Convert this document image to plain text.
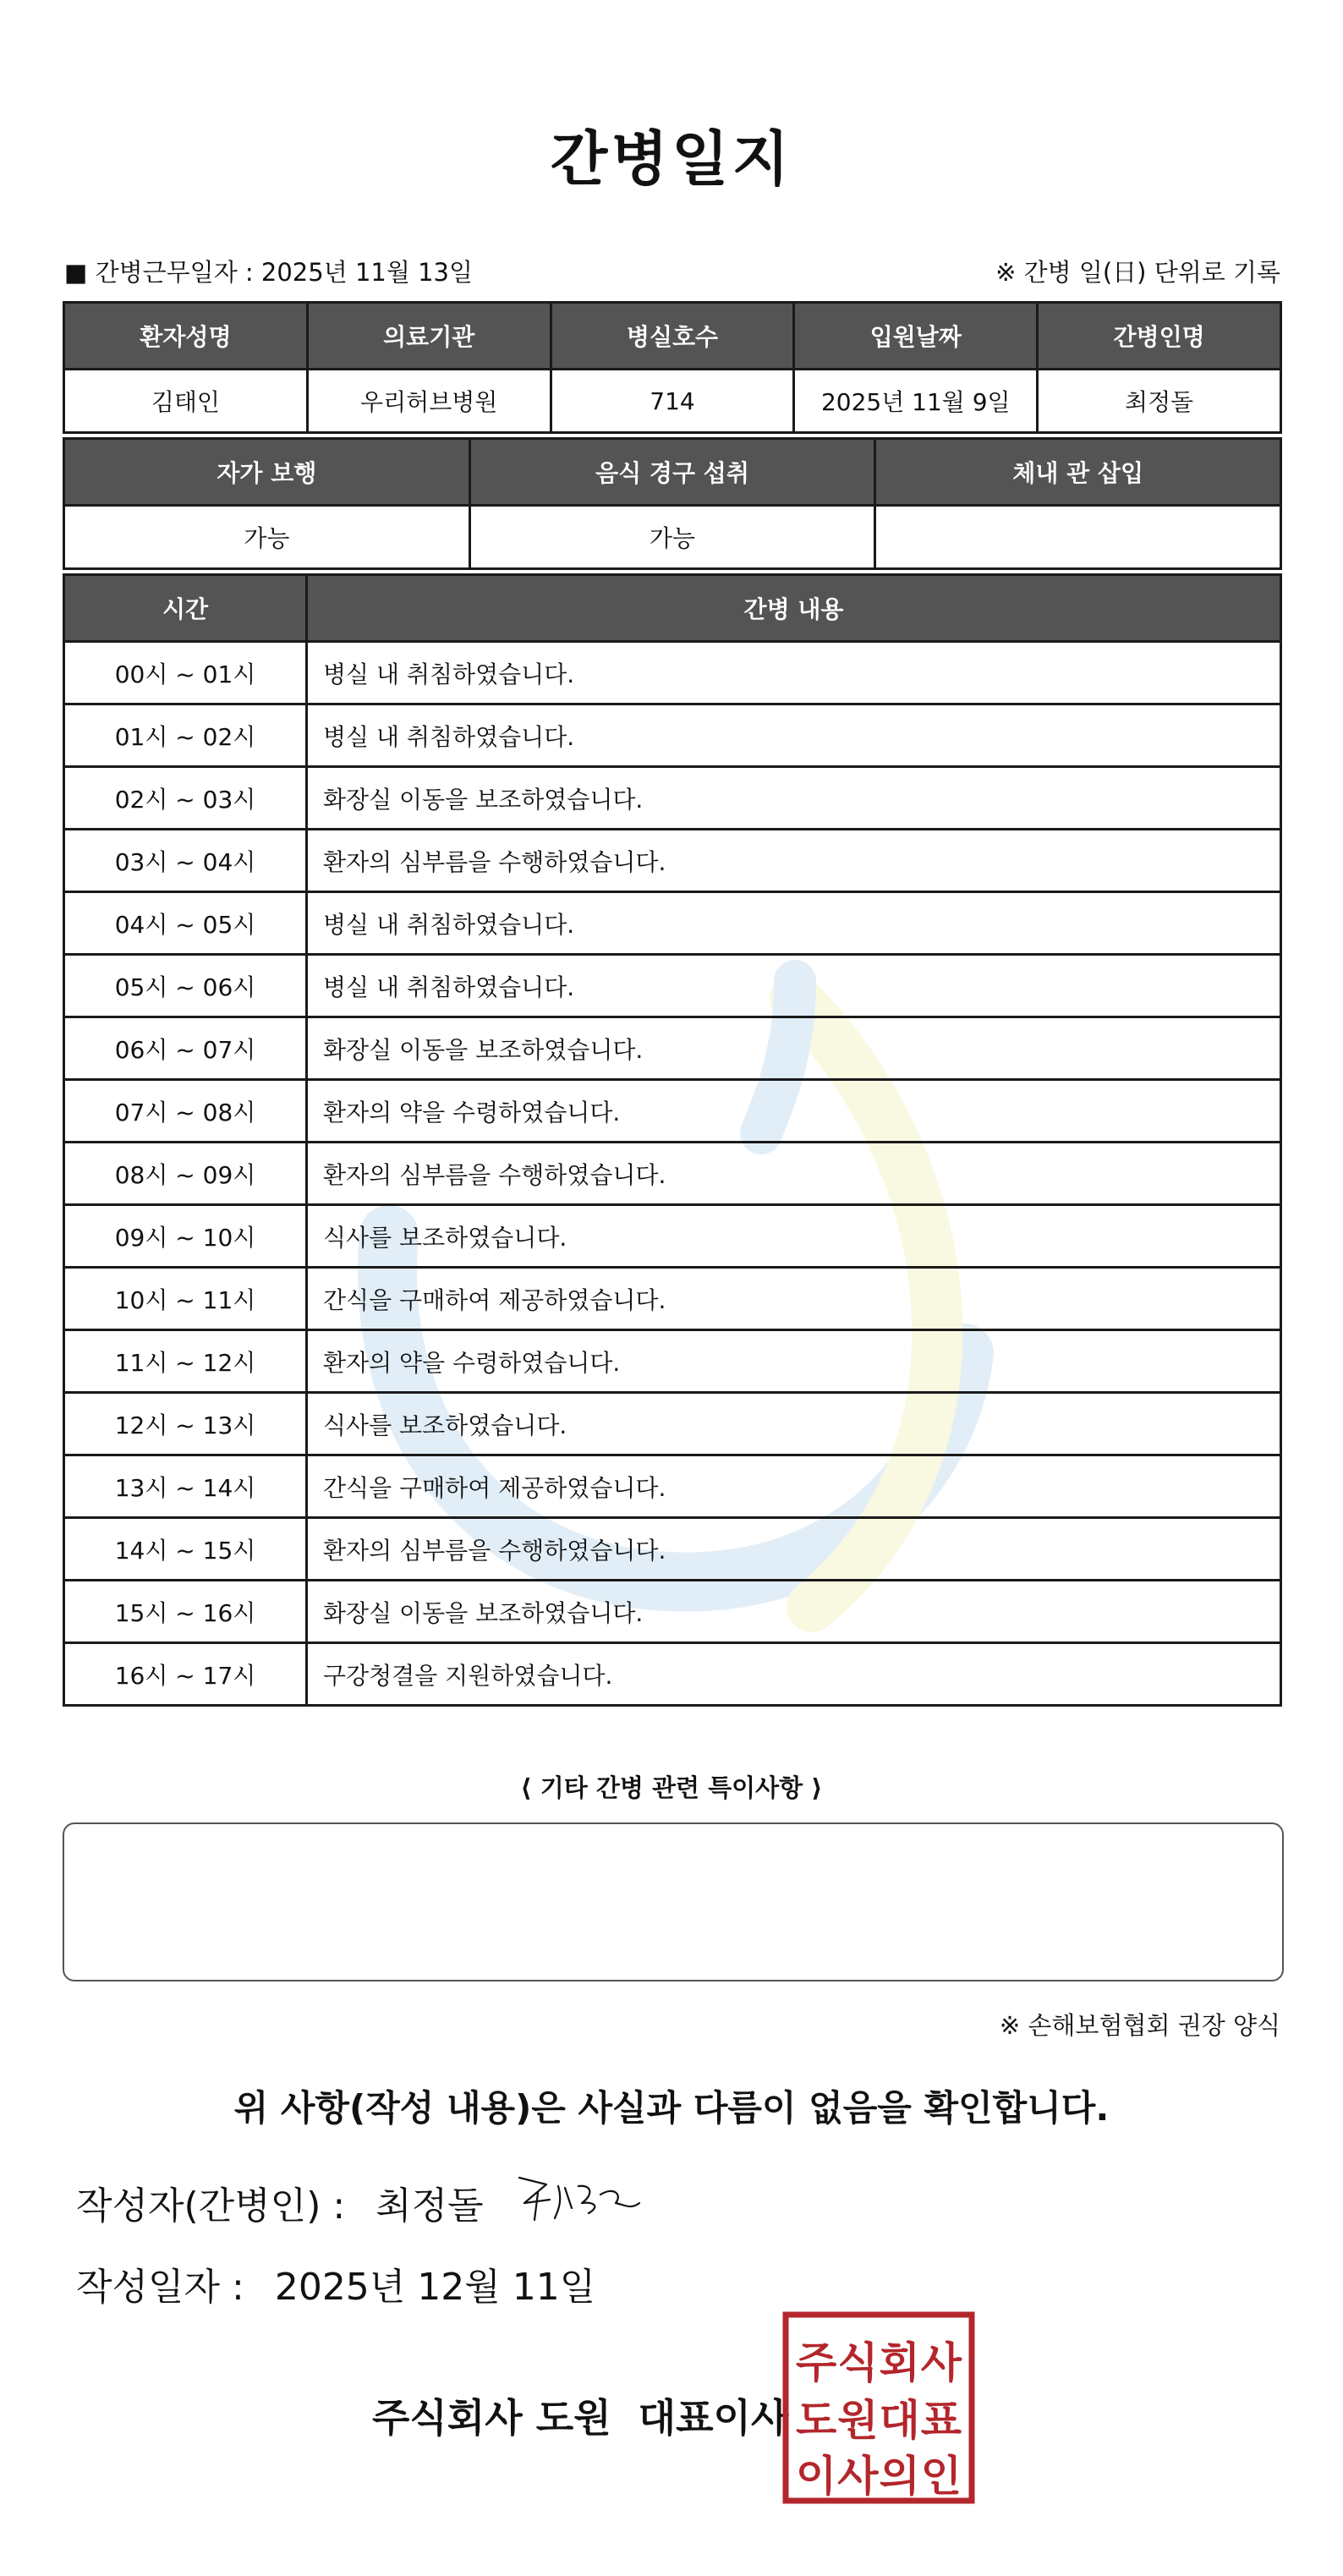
간병일지
■ 간병근무일자 : 2025년 11월 13일	※ 간병 일(日) 단위로 기록
환자성명	의료기관	병실호수	입원날짜	간병인명
김태인	우리허브병원	714	2025년 11월 9일	최정돌
자가 보행	음식 경구 섭취	체내 관 삽입
가능	가능	
시간	간병 내용
00시 ~ 01시	병실 내 취침하였습니다.
01시 ~ 02시	병실 내 취침하였습니다.
02시 ~ 03시	화장실 이동을 보조하였습니다.
03시 ~ 04시	환자의 심부름을 수행하였습니다.
04시 ~ 05시	병실 내 취침하였습니다.
05시 ~ 06시	병실 내 취침하였습니다.
06시 ~ 07시	화장실 이동을 보조하였습니다.
07시 ~ 08시	환자의 약을 수령하였습니다.
08시 ~ 09시	환자의 심부름을 수행하였습니다.
09시 ~ 10시	식사를 보조하였습니다.
10시 ~ 11시	간식을 구매하여 제공하였습니다.
11시 ~ 12시	환자의 약을 수령하였습니다.
12시 ~ 13시	식사를 보조하였습니다.
13시 ~ 14시	간식을 구매하여 제공하였습니다.
14시 ~ 15시	환자의 심부름을 수행하였습니다.
15시 ~ 16시	화장실 이동을 보조하였습니다.
16시 ~ 17시	구강청결을 지원하였습니다.
⟨ 기타 간병 관련 특이사항 ⟩
※ 손해보험협회 권장 양식
위 사항(작성 내용)은 사실과 다름이 없음을 확인합니다.
작성자(간병인) : 최정돌
작성일자 : 2025년 12월 11일
주식회사 도원  대표이사
주식회사
도원대표
이사의인
